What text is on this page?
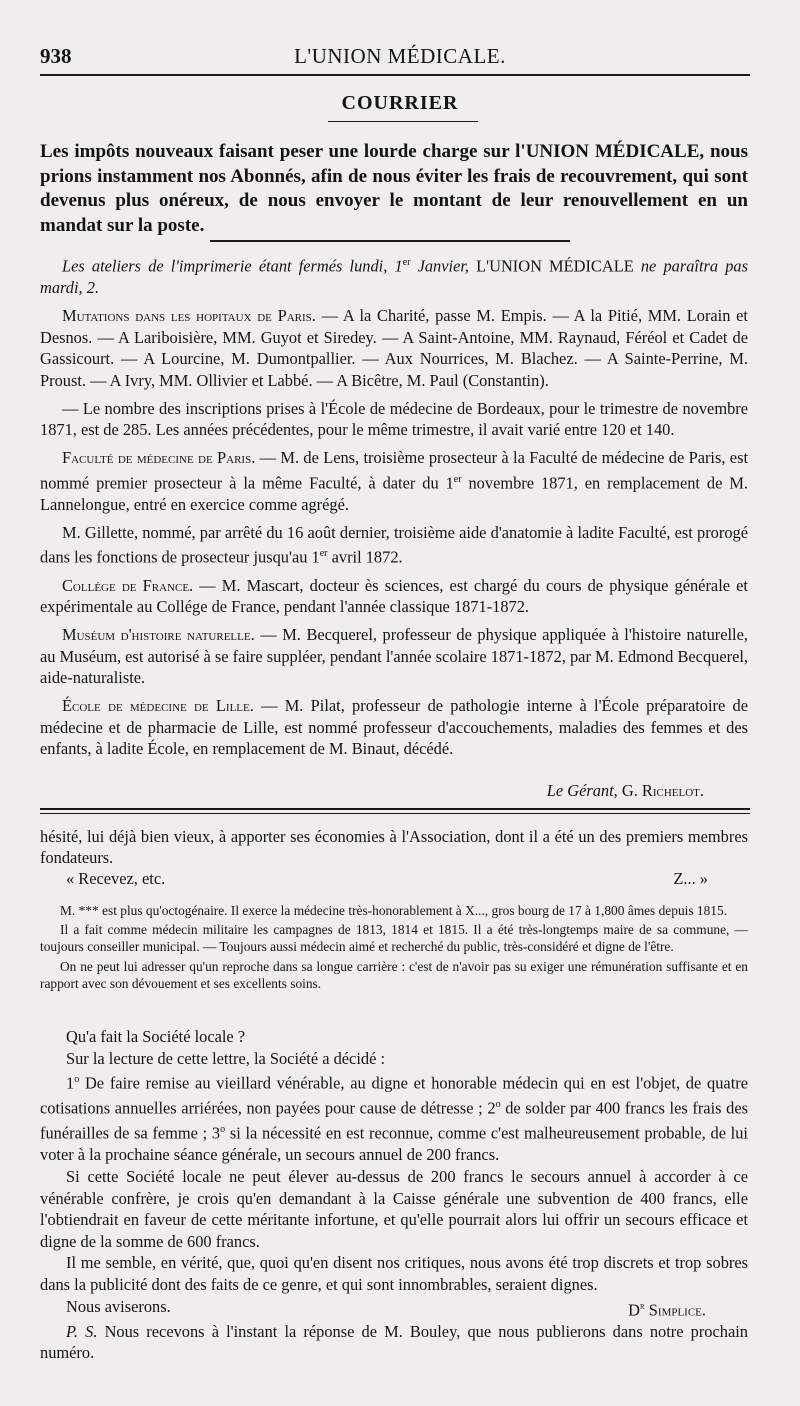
938	L'UNION MÉDICALE.
COURRIER
Les impôts nouveaux faisant peser une lourde charge sur l'UNION MÉDICALE, nous prions instamment nos Abonnés, afin de nous éviter les frais de recouvrement, qui sont devenus plus onéreux, de nous envoyer le montant de leur renouvellement en un mandat sur la poste.

Les ateliers de l'imprimerie étant fermés lundi, 1er Janvier, L'UNION MÉDICALE ne paraîtra pas mardi, 2.

Mutations dans les hopitaux de Paris. — A la Charité, passe M. Empis. — A la Pitié, MM. Lorain et Desnos. — A Lariboisière, MM. Guyot et Siredey. — A Saint-Antoine, MM. Raynaud, Féréol et Cadet de Gassicourt. — A Lourcine, M. Dumontpallier. — Aux Nourrices, M. Blachez. — A Sainte-Perrine, M. Proust. — A Ivry, MM. Ollivier et Labbé. — A Bicêtre, M. Paul (Constantin).

— Le nombre des inscriptions prises à l'École de médecine de Bordeaux, pour le trimestre de novembre 1871, est de 285. Les années précédentes, pour le même trimestre, il avait varié entre 120 et 140.

Faculté de médecine de Paris. — M. de Lens, troisième prosecteur à la Faculté de médecine de Paris, est nommé premier prosecteur à la même Faculté, à dater du 1er novembre 1871, en remplacement de M. Lannelongue, entré en exercice comme agrégé.

M. Gillette, nommé, par arrêté du 16 août dernier, troisième aide d'anatomie à ladite Faculté, est prorogé dans les fonctions de prosecteur jusqu'au 1er avril 1872.

Collége de France. — M. Mascart, docteur ès sciences, est chargé du cours de physique générale et expérimentale au Collége de France, pendant l'année classique 1871-1872.

Muséum d'histoire naturelle. — M. Becquerel, professeur de physique appliquée à l'histoire naturelle, au Muséum, est autorisé à se faire suppléer, pendant l'année scolaire 1871-1872, par M. Edmond Becquerel, aide-naturaliste.

École de médecine de Lille. — M. Pilat, professeur de pathologie interne à l'École préparatoire de médecine et de pharmacie de Lille, est nommé professeur d'accouchements, maladies des femmes et des enfants, à ladite École, en remplacement de M. Binaut, décédé.

Le Gérant, G. Richelot.

hésité, lui déjà bien vieux, à apporter ses économies à l'Association, dont il a été un des premiers membres fondateurs.

« Recevez, etc.	Z... »

M. *** est plus qu'octogénaire. Il exerce la médecine très-honorablement à X..., gros bourg de 17 à 1,800 âmes depuis 1815.

Il a fait comme médecin militaire les campagnes de 1813, 1814 et 1815. Il a été très-longtemps maire de sa commune, — toujours conseiller municipal. — Toujours aussi médecin aimé et recherché du public, très-considéré et digne de l'être.

On ne peut lui adresser qu'un reproche dans sa longue carrière : c'est de n'avoir pas su exiger une rémunération suffisante et en rapport avec son dévouement et ses excellents soins.

Qu'a fait la Société locale ?

Sur la lecture de cette lettre, la Société a décidé :

1$^o$ De faire remise au vieillard vénérable, au digne et honorable médecin qui en est l'objet, de quatre cotisations annuelles arriérées, non payées pour cause de détresse ; 2$^o$ de solder par 400 francs les frais des funérailles de sa femme ; 3$^o$ si la nécessité en est reconnue, comme c'est malheureusement probable, de lui voter à la prochaine séance générale, un secours annuel de 200 francs.

Si cette Société locale ne peut élever au-dessus de 200 francs le secours annuel à accorder à ce vénérable confrère, je crois qu'en demandant à la Caisse générale une subvention de 400 francs, elle l'obtiendrait en faveur de cette méritante infortune, et qu'elle pourrait alors lui offrir un secours efficace et digne de la somme de 600 francs.

Il me semble, en vérité, que, quoi qu'en disent nos critiques, nous avons été trop discrets et trop sobres dans la publicité dont des faits de ce genre, et qui sont innombrables, seraient dignes.

Nous aviserons.	$D^r$ Simplice.

P. S. Nous recevons à l'instant la réponse de M. Bouley, que nous publierons dans notre prochain numéro.
